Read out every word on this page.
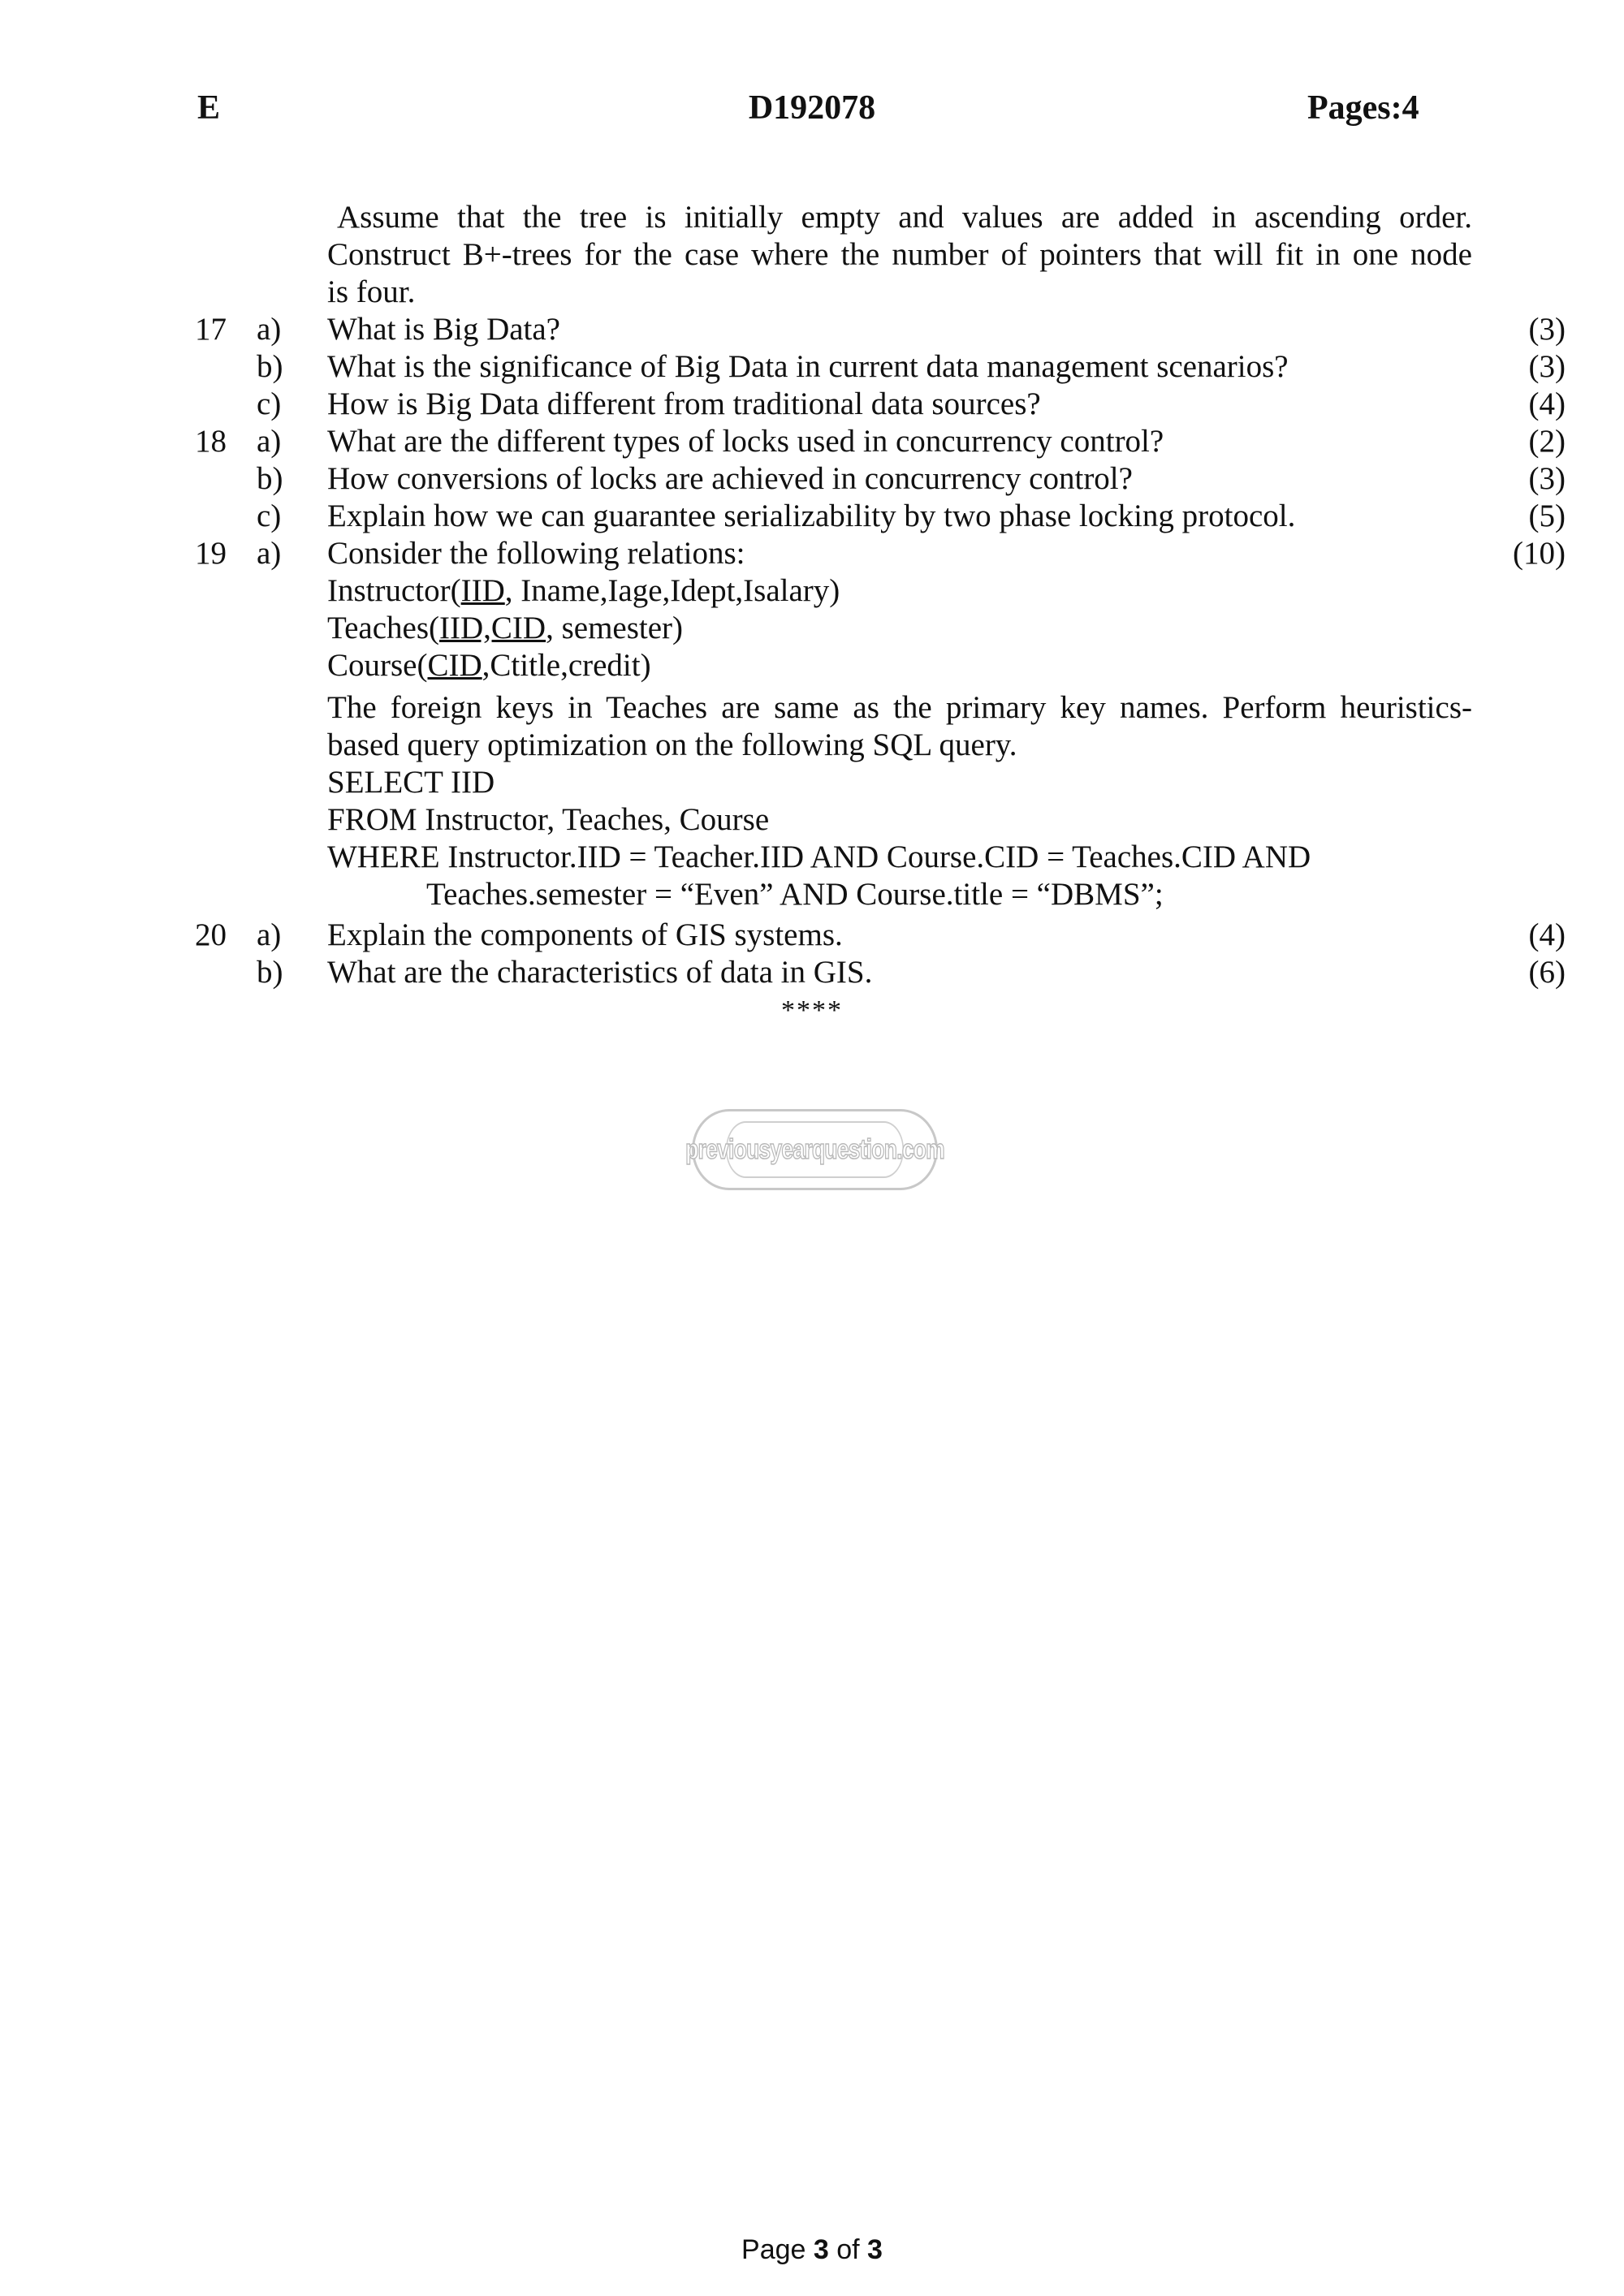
E	D192078	Pages:4
Assume that the tree is initially empty and values are added in ascending order.
Construct B+-trees for the case where the number of pointers that will fit in one node
is four.
17 a)	What is Big Data?	(3)
b)	What is the significance of Big Data in current data management scenarios?	(3)
c)	How is Big Data different from traditional data sources?	(4)
18 a)	What are the different types of locks used in concurrency control?	(2)
b)	How conversions of locks are achieved in concurrency control?	(3)
c)	Explain how we can guarantee serializability by two phase locking protocol.	(5)
19 a)	Consider the following relations:	(10)
Instructor(IID, Iname,Iage,Idept,Isalary)
Teaches(IID,CID, semester)
Course(CID,Ctitle,credit)
The foreign keys in Teaches are same as the primary key names. Perform heuristics-
based query optimization on the following SQL query.
SELECT IID
FROM Instructor, Teaches, Course
WHERE Instructor.IID = Teacher.IID AND Course.CID = Teaches.CID AND
Teaches.semester = “Even” AND Course.title = “DBMS”;
20 a)	Explain the components of GIS systems.	(4)
b)	What are the characteristics of data in GIS.	(6)
****
previousyearquestion.com
Page 3 of 3
